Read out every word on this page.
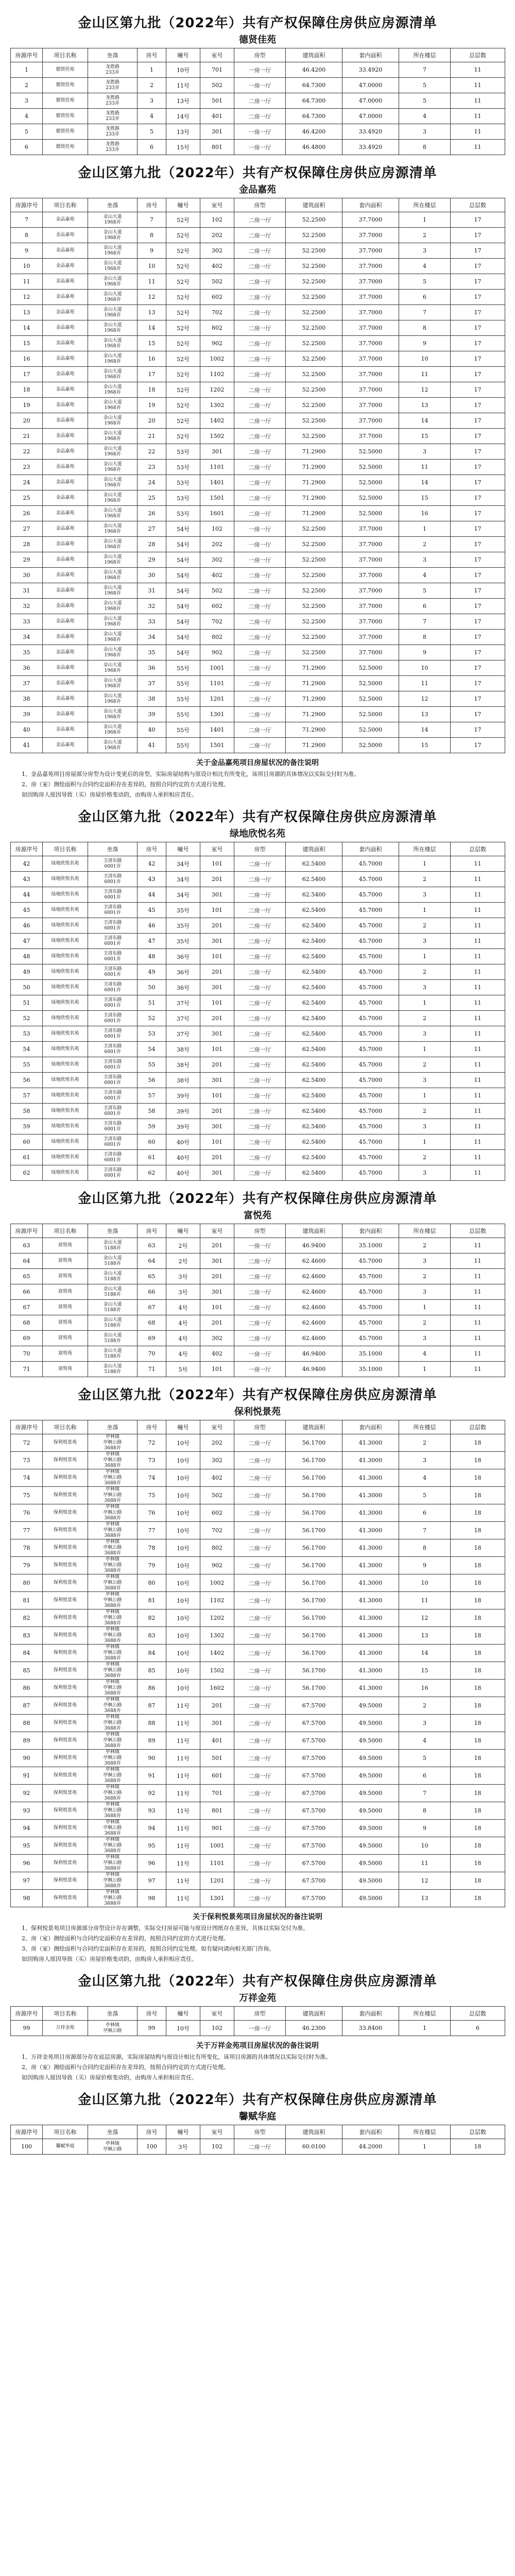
金山区第九批（2022年）共有产权保障住房供应房源清单
德贤佳苑
房源序号	项目名称	坐落	房号	幢号	室号	房型	建筑面积	套内面积	所在楼层	总层数
1	德贤佳苑	龙胜路
233弄	1	10号	701	一房一厅	46.4200	33.4920	7	11
2	德贤佳苑	龙胜路
233弄	2	11号	502	一房一厅	64.7300	47.0000	5	11
3	德贤佳苑	龙胜路
233弄	3	13号	501	二房一厅	64.7300	47.0000	5	11
4	德贤佳苑	龙胜路
233弄	4	14号	401	二房一厅	64.7300	47.0000	4	11
5	德贤佳苑	龙胜路
233弄	5	13号	301	一房一厅	46.4200	33.4920	3	11
6	德贤佳苑	龙胜路
233弄	6	15号	801	一房一厅	46.4800	33.4920	8	11
金山区第九批（2022年）共有产权保障住房供应房源清单
金品嘉苑
房源序号	项目名称	坐落	房号	幢号	室号	房型	建筑面积	套内面积	所在楼层	总层数
7	金品嘉苑	金山大道
1968弄	7	52号	102	二房一厅	52.2500	37.7000	1	17
8	金品嘉苑	金山大道
1968弄	8	52号	202	二房一厅	52.2500	37.7000	2	17
9	金品嘉苑	金山大道
1968弄	9	52号	302	二房一厅	52.2500	37.7000	3	17
10	金品嘉苑	金山大道
1968弄	10	52号	402	二房一厅	52.2500	37.7000	4	17
11	金品嘉苑	金山大道
1968弄	11	52号	502	二房一厅	52.2500	37.7000	5	17
12	金品嘉苑	金山大道
1968弄	12	52号	602	二房一厅	52.2500	37.7000	6	17
13	金品嘉苑	金山大道
1968弄	13	52号	702	二房一厅	52.2500	37.7000	7	17
14	金品嘉苑	金山大道
1968弄	14	52号	802	二房一厅	52.2500	37.7000	8	17
15	金品嘉苑	金山大道
1968弄	15	52号	902	二房一厅	52.2500	37.7000	9	17
16	金品嘉苑	金山大道
1968弄	16	52号	1002	二房一厅	52.2500	37.7000	10	17
17	金品嘉苑	金山大道
1968弄	17	52号	1102	二房一厅	52.2500	37.7000	11	17
18	金品嘉苑	金山大道
1968弄	18	52号	1202	二房一厅	52.2500	37.7000	12	17
19	金品嘉苑	金山大道
1968弄	19	52号	1302	二房一厅	52.2500	37.7000	13	17
20	金品嘉苑	金山大道
1968弄	20	52号	1402	二房一厅	52.2500	37.7000	14	17
21	金品嘉苑	金山大道
1968弄	21	52号	1502	二房一厅	52.2500	37.7000	15	17
22	金品嘉苑	金山大道
1968弄	22	53号	301	二房一厅	71.2900	52.5000	3	17
23	金品嘉苑	金山大道
1968弄	23	53号	1101	二房一厅	71.2900	52.5000	11	17
24	金品嘉苑	金山大道
1968弄	24	53号	1401	二房一厅	71.2900	52.5000	14	17
25	金品嘉苑	金山大道
1968弄	25	53号	1501	二房一厅	71.2900	52.5000	15	17
26	金品嘉苑	金山大道
1968弄	26	53号	1601	二房一厅	71.2900	52.5000	16	17
27	金品嘉苑	金山大道
1968弄	27	54号	102	一房一厅	52.2500	37.7000	1	17
28	金品嘉苑	金山大道
1968弄	28	54号	202	一房一厅	52.2500	37.7000	2	17
29	金品嘉苑	金山大道
1968弄	29	54号	302	一房一厅	52.2500	37.7000	3	17
30	金品嘉苑	金山大道
1968弄	30	54号	402	二房一厅	52.2500	37.7000	4	17
31	金品嘉苑	金山大道
1968弄	31	54号	502	二房一厅	52.2500	37.7000	5	17
32	金品嘉苑	金山大道
1968弄	32	54号	602	二房一厅	52.2500	37.7000	6	17
33	金品嘉苑	金山大道
1968弄	33	54号	702	二房一厅	52.2500	37.7000	7	17
34	金品嘉苑	金山大道
1968弄	34	54号	802	二房一厅	52.2500	37.7000	8	17
35	金品嘉苑	金山大道
1968弄	35	54号	902	二房一厅	52.2500	37.7000	9	17
36	金品嘉苑	金山大道
1968弄	36	55号	1001	二房一厅	71.2900	52.5000	10	17
37	金品嘉苑	金山大道
1968弄	37	55号	1101	二房一厅	71.2900	52.5000	11	17
38	金品嘉苑	金山大道
1968弄	38	55号	1201	二房一厅	71.2900	52.5000	12	17
39	金品嘉苑	金山大道
1968弄	39	55号	1301	二房一厅	71.2900	52.5000	13	17
40	金品嘉苑	金山大道
1968弄	40	55号	1401	二房一厅	71.2900	52.5000	14	17
41	金品嘉苑	金山大道
1968弄	41	55号	1501	二房一厅	71.2900	52.5000	15	17
关于金品嘉苑项目房屋状况的备注说明

1、金品嘉苑项目房屋部分房型为设计变更后的房型，实际房屋结构与原设计相比有所变化，该项目房源的具体情况以实际交付时为准。

2、房（室）测绘面积与合同约定面积存在差异的，按照合同约定的方式进行处理。

如因购房人原因导致（买）房屋价格变动的，由购房人承担相应责任。

金山区第九批（2022年）共有产权保障住房供应房源清单
绿地欣悦名苑
房源序号	项目名称	坐落	房号	幢号	室号	房型	建筑面积	套内面积	所在楼层	总层数
42	绿地欣悦名苑	卫清东路
6001弄	42	34号	101	二房一厅	62.5400	45.7000	1	11
43	绿地欣悦名苑	卫清东路
6001弄	43	34号	201	二房一厅	62.5400	45.7000	2	11
44	绿地欣悦名苑	卫清东路
6001弄	44	34号	301	二房一厅	62.5400	45.7000	3	11
45	绿地欣悦名苑	卫清东路
6001弄	45	35号	101	二房一厅	62.5400	45.7000	1	11
46	绿地欣悦名苑	卫清东路
6001弄	46	35号	201	二房一厅	62.5400	45.7000	2	11
47	绿地欣悦名苑	卫清东路
6001弄	47	35号	301	二房一厅	62.5400	45.7000	3	11
48	绿地欣悦名苑	卫清东路
6001弄	48	36号	101	二房一厅	62.5400	45.7000	1	11
49	绿地欣悦名苑	卫清东路
6001弄	49	36号	201	二房一厅	62.5400	45.7000	2	11
50	绿地欣悦名苑	卫清东路
6001弄	50	36号	301	二房一厅	62.5400	45.7000	3	11
51	绿地欣悦名苑	卫清东路
6001弄	51	37号	101	二房一厅	62.5400	45.7000	1	11
52	绿地欣悦名苑	卫清东路
6001弄	52	37号	201	二房一厅	62.5400	45.7000	2	11
53	绿地欣悦名苑	卫清东路
6001弄	53	37号	301	二房一厅	62.5400	45.7000	3	11
54	绿地欣悦名苑	卫清东路
6001弄	54	38号	101	二房一厅	62.5400	45.7000	1	11
55	绿地欣悦名苑	卫清东路
6001弄	55	38号	201	二房一厅	62.5400	45.7000	2	11
56	绿地欣悦名苑	卫清东路
6001弄	56	38号	301	二房一厅	62.5400	45.7000	3	11
57	绿地欣悦名苑	卫清东路
6001弄	57	39号	101	二房一厅	62.5400	45.7000	1	11
58	绿地欣悦名苑	卫清东路
6001弄	58	39号	201	二房一厅	62.5400	45.7000	2	11
59	绿地欣悦名苑	卫清东路
6001弄	59	39号	301	二房一厅	62.5400	45.7000	3	11
60	绿地欣悦名苑	卫清东路
6001弄	60	40号	101	二房一厅	62.5400	45.7000	1	11
61	绿地欣悦名苑	卫清东路
6001弄	61	40号	201	二房一厅	62.5400	45.7000	2	11
62	绿地欣悦名苑	卫清东路
6001弄	62	40号	301	二房一厅	62.5400	45.7000	3	11
金山区第九批（2022年）共有产权保障住房供应房源清单
富悦苑
房源序号	项目名称	坐落	房号	幢号	室号	房型	建筑面积	套内面积	所在楼层	总层数
63	富悦苑	金山大道
5188弄	63	2号	201	一房一厅	46.9400	35.1000	2	11
64	富悦苑	金山大道
5188弄	64	2号	301	二房一厅	62.4600	45.7000	3	11
65	富悦苑	金山大道
5188弄	65	3号	201	二房一厅	62.4600	45.7000	2	11
66	富悦苑	金山大道
5188弄	66	3号	301	二房一厅	62.4600	45.7000	3	11
67	富悦苑	金山大道
5188弄	67	4号	101	二房一厅	62.4600	45.7000	1	11
68	富悦苑	金山大道
5188弄	68	4号	201	二房一厅	62.4600	45.7000	2	11
69	富悦苑	金山大道
5188弄	69	4号	302	二房一厅	62.4600	45.7000	3	11
70	富悦苑	金山大道
5188弄	70	4号	402	一房一厅	46.9400	35.1000	4	11
71	富悦苑	金山大道
5188弄	71	5号	101	一房一厅	46.9400	35.1000	1	11
金山区第九批（2022年）共有产权保障住房供应房源清单
保利悦景苑
房源序号	项目名称	坐落	房号	幢号	室号	房型	建筑面积	套内面积	所在楼层	总层数
72	保利悦景苑	亭林镇
亭枫公路
3688弄	72	10号	202	二房一厅	56.1700	41.3000	2	18
73	保利悦景苑	亭林镇
亭枫公路
3688弄	73	10号	302	二房一厅	56.1700	41.3000	3	18
74	保利悦景苑	亭林镇
亭枫公路
3688弄	74	10号	402	二房一厅	56.1700	41.3000	4	18
75	保利悦景苑	亭林镇
亭枫公路
3688弄	75	10号	502	二房一厅	56.1700	41.3000	5	18
76	保利悦景苑	亭林镇
亭枫公路
3688弄	76	10号	602	二房一厅	56.1700	41.3000	6	18
77	保利悦景苑	亭林镇
亭枫公路
3688弄	77	10号	702	二房一厅	56.1700	41.3000	7	18
78	保利悦景苑	亭林镇
亭枫公路
3688弄	78	10号	802	二房一厅	56.1700	41.3000	8	18
79	保利悦景苑	亭林镇
亭枫公路
3688弄	79	10号	902	二房一厅	56.1700	41.3000	9	18
80	保利悦景苑	亭林镇
亭枫公路
3688弄	80	10号	1002	二房一厅	56.1700	41.3000	10	18
81	保利悦景苑	亭林镇
亭枫公路
3688弄	81	10号	1102	二房一厅	56.1700	41.3000	11	18
82	保利悦景苑	亭林镇
亭枫公路
3688弄	82	10号	1202	二房一厅	56.1700	41.3000	12	18
83	保利悦景苑	亭林镇
亭枫公路
3688弄	83	10号	1302	二房一厅	56.1700	41.3000	13	18
84	保利悦景苑	亭林镇
亭枫公路
3688弄	84	10号	1402	二房一厅	56.1700	41.3000	14	18
85	保利悦景苑	亭林镇
亭枫公路
3688弄	85	10号	1502	二房一厅	56.1700	41.3000	15	18
86	保利悦景苑	亭林镇
亭枫公路
3688弄	86	10号	1602	二房一厅	56.1700	41.3000	16	18
87	保利悦景苑	亭林镇
亭枫公路
3688弄	87	11号	201	二房一厅	67.5700	49.5000	2	18
88	保利悦景苑	亭林镇
亭枫公路
3688弄	88	11号	301	二房一厅	67.5700	49.5000	3	18
89	保利悦景苑	亭林镇
亭枫公路
3688弄	89	11号	401	二房一厅	67.5700	49.5000	4	18
90	保利悦景苑	亭林镇
亭枫公路
3688弄	90	11号	501	二房一厅	67.5700	49.5000	5	18
91	保利悦景苑	亭林镇
亭枫公路
3688弄	91	11号	601	二房一厅	67.5700	49.5000	6	18
92	保利悦景苑	亭林镇
亭枫公路
3688弄	92	11号	701	二房一厅	67.5700	49.5000	7	18
93	保利悦景苑	亭林镇
亭枫公路
3688弄	93	11号	801	二房一厅	67.5700	49.5000	8	18
94	保利悦景苑	亭林镇
亭枫公路
3688弄	94	11号	901	二房一厅	67.5700	49.5000	9	18
95	保利悦景苑	亭林镇
亭枫公路
3688弄	95	11号	1001	二房一厅	67.5700	49.5000	10	18
96	保利悦景苑	亭林镇
亭枫公路
3688弄	96	11号	1101	二房一厅	67.5700	49.5000	11	18
97	保利悦景苑	亭林镇
亭枫公路
3688弄	97	11号	1201	二房一厅	67.5700	49.5000	12	18
98	保利悦景苑	亭林镇
亭枫公路
3688弄	98	11号	1301	二房一厅	67.5700	49.5000	13	18
关于保利悦景苑项目房屋状况的备注说明

1、保利悦景苑项目房源部分房型设计存在调整，实际交付房屋可能与原设计图纸存在差异，具体以实际交付为准。

2、房（室）测绘面积与合同约定面积存在差异的，按照合同约定的方式进行处理。

3、房（室）测绘面积与合同约定面积存在差异的，按照合同约定处理。如有疑问请向相关部门咨询。

如因购房人原因导致（买）房屋价格变动的，由购房人承担相应责任。

金山区第九批（2022年）共有产权保障住房供应房源清单
万祥金苑
房源序号	项目名称	坐落	房号	幢号	室号	房型	建筑面积	套内面积	所在楼层	总层数
99	万祥金苑	亭林镇
亭枫公路	99	10号	102	一房一厅	46.2300	33.8400	1	6
关于万祥金苑项目房屋状况的备注说明

1、万祥金苑项目房源部分存在底层房源，实际房屋结构与原设计相比有所变化，该项目房源的具体情况以实际交付时为准。

2、房（室）测绘面积与合同约定面积存在差异的，按照合同约定的方式进行处理。

如因购房人原因导致（买）房屋价格变动的，由购房人承担相应责任。

金山区第九批（2022年）共有产权保障住房供应房源清单
馨赋华庭
房源序号	项目名称	坐落	房号	幢号	室号	房型	建筑面积	套内面积	所在楼层	总层数
100	馨赋华庭	亭林镇
亭枫公路	100	3号	102	二房一厅	60.0100	44.2000	1	18
